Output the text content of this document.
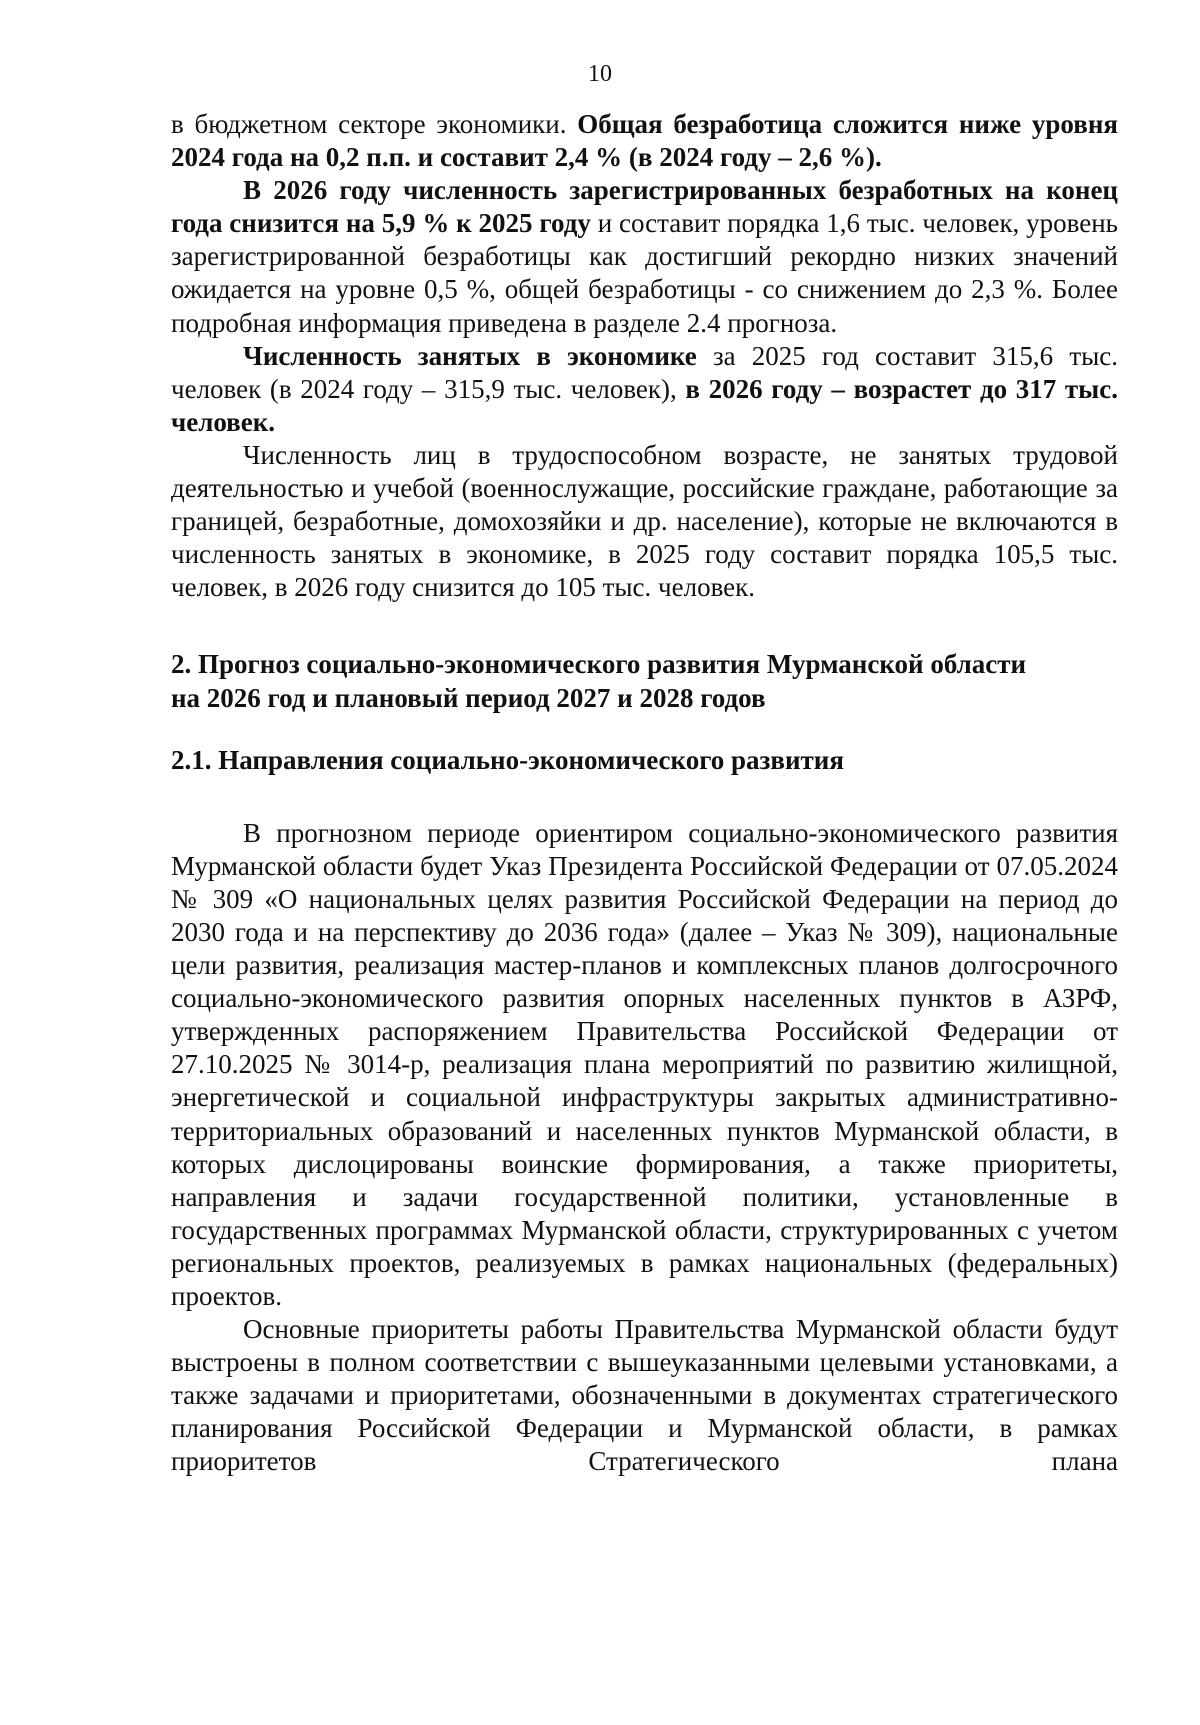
10

в бюджетном секторе экономики. Общая безработица сложится ниже уровня 2024 года на 0,2 п.п. и составит 2,4 % (в 2024 году – 2,6 %).

В 2026 году численность зарегистрированных безработных на конец года снизится на 5,9 % к 2025 году и составит порядка 1,6 тыс. человек, уровень зарегистрированной безработицы как достигший рекордно низких значений ожидается на уровне 0,5 %, общей безработицы - со снижением до 2,3 %. Более подробная информация приведена в разделе 2.4 прогноза.

Численность занятых в экономике за 2025 год составит 315,6 тыс. человек (в 2024 году – 315,9 тыс. человек), в 2026 году – возрастет до 317 тыс. человек.

Численность лиц в трудоспособном возрасте, не занятых трудовой деятельностью и учебой (военнослужащие, российские граждане, работающие за границей, безработные, домохозяйки и др. население), которые не включаются в численность занятых в экономике, в 2025 году составит порядка 105,5 тыс. человек, в 2026 году снизится до 105 тыс. человек.

2. Прогноз социально-экономического развития Мурманской области

на 2026 год и плановый период 2027 и 2028 годов

2.1. Направления социально-экономического развития

В прогнозном периоде ориентиром социально-экономического развития Мурманской области будет Указ Президента Российской Федерации от 07.05.2024 № 309 «О национальных целях развития Российской Федерации на период до 2030 года и на перспективу до 2036 года» (далее – Указ № 309), национальные цели развития, реализация мастер-планов и комплексных планов долгосрочного социально-экономического развития опорных населенных пунктов в АЗРФ, утвержденных распоряжением Правительства Российской Федерации от 27.10.2025 № 3014-р, реализация плана мероприятий по развитию жилищной, энергетической и социальной инфраструктуры закрытых административно-территориальных образований и населенных пунктов Мурманской области, в которых дислоцированы воинские формирования, а также приоритеты, направления и задачи государственной политики, установленные в государственных программах Мурманской области, структурированных с учетом региональных проектов, реализуемых в рамках национальных (федеральных) проектов.

Основные приоритеты работы Правительства Мурманской области будут выстроены в полном соответствии с вышеуказанными целевыми установками, а также задачами и приоритетами, обозначенными в документах стратегического планирования Российской Федерации и Мурманской области, в рамках приоритетов Стратегического плана
